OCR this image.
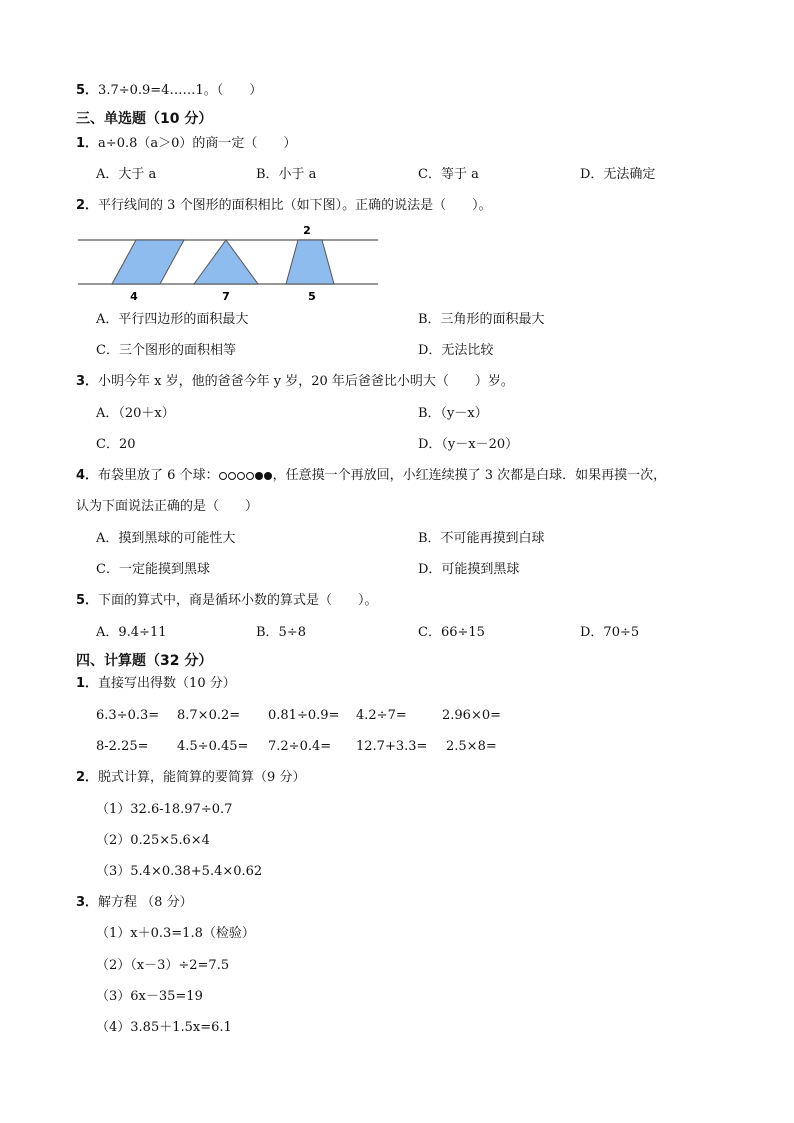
5．3.7÷0.9=4……1。（　　）
三、单选题（10 分）
1．a÷0.8（a＞0）的商一定（　　）
A．大于 a	B．小于 a	C．等于 a	D．无法确定
2．平行线间的 3 个图形的面积相比（如下图）。正确的说法是（　　）。
2
4	7	5
A．平行四边形的面积最大	B．三角形的面积最大
C．三个图形的面积相等	D．无法比较
3．小明今年 x 岁，他的爸爸今年 y 岁，20 年后爸爸比小明大（　　）岁。
A．（20＋x）	B．（y－x）
C．20	D．（y－x－20）
4．布袋里放了 6 个球：	，任意摸一个再放回，小红连续摸了 3 次都是白球．如果再摸一次，
认为下面说法正确的是（　　）
A．摸到黑球的可能性大	B．不可能再摸到白球
C．一定能摸到黑球	D．可能摸到黑球
5．下面的算式中，商是循环小数的算式是（　　）。
A．9.4÷11	B．5÷8	C．66÷15	D．70÷5
四、计算题（32 分）
1．直接写出得数（10 分）
6.3÷0.3= 8.7×0.2= 0.81÷0.9= 4.2÷7=	2.96×0=
8-2.25= 4.5÷0.45= 7.2÷0.4= 12.7+3.3= 2.5×8=
2．脱式计算，能简算的要简算（9 分）
（1）32.6-18.97÷0.7
（2）0.25×5.6×4
（3）5.4×0.38+5.4×0.62
3．解方程 （8 分）
（1）x＋0.3=1.8（检验）
（2）（x－3）÷2=7.5
（3）6x－35=19
（4）3.85＋1.5x=6.1
